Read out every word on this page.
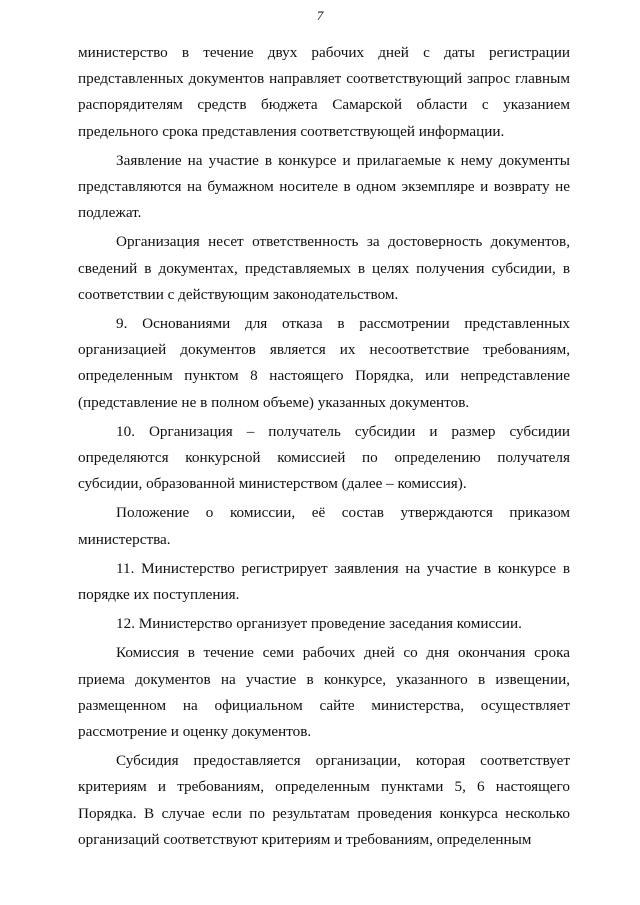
7

министерство в течение двух рабочих дней с даты регистрации представленных документов направляет соответствующий запрос главным распорядителям средств бюджета Самарской области с указанием предельного срока представления соответствующей информации.

Заявление на участие в конкурсе и прилагаемые к нему документы представляются на бумажном носителе в одном экземпляре и возврату не подлежат.

Организация несет ответственность за достоверность документов, сведений в документах, представляемых в целях получения субсидии, в соответствии с действующим законодательством.

9. Основаниями для отказа в рассмотрении представленных организацией документов является их несоответствие требованиям, определенным пунктом 8 настоящего Порядка, или непредставление (представление не в полном объеме) указанных документов.

10. Организация – получатель субсидии и размер субсидии определяются конкурсной комиссией по определению получателя субсидии, образованной министерством (далее – комиссия).

Положение о комиссии, её состав утверждаются приказом министерства.

11. Министерство регистрирует заявления на участие в конкурсе в порядке их поступления.

12. Министерство организует проведение заседания комиссии.

Комиссия в течение семи рабочих дней со дня окончания срока приема документов на участие в конкурсе, указанного в извещении, размещенном на официальном сайте министерства, осуществляет рассмотрение и оценку документов.

Субсидия предоставляется организации, которая соответствует критериям и требованиям, определенным пунктами 5, 6 настоящего Порядка. В случае если по результатам проведения конкурса несколько организаций соответствуют критериям и требованиям, определенным
